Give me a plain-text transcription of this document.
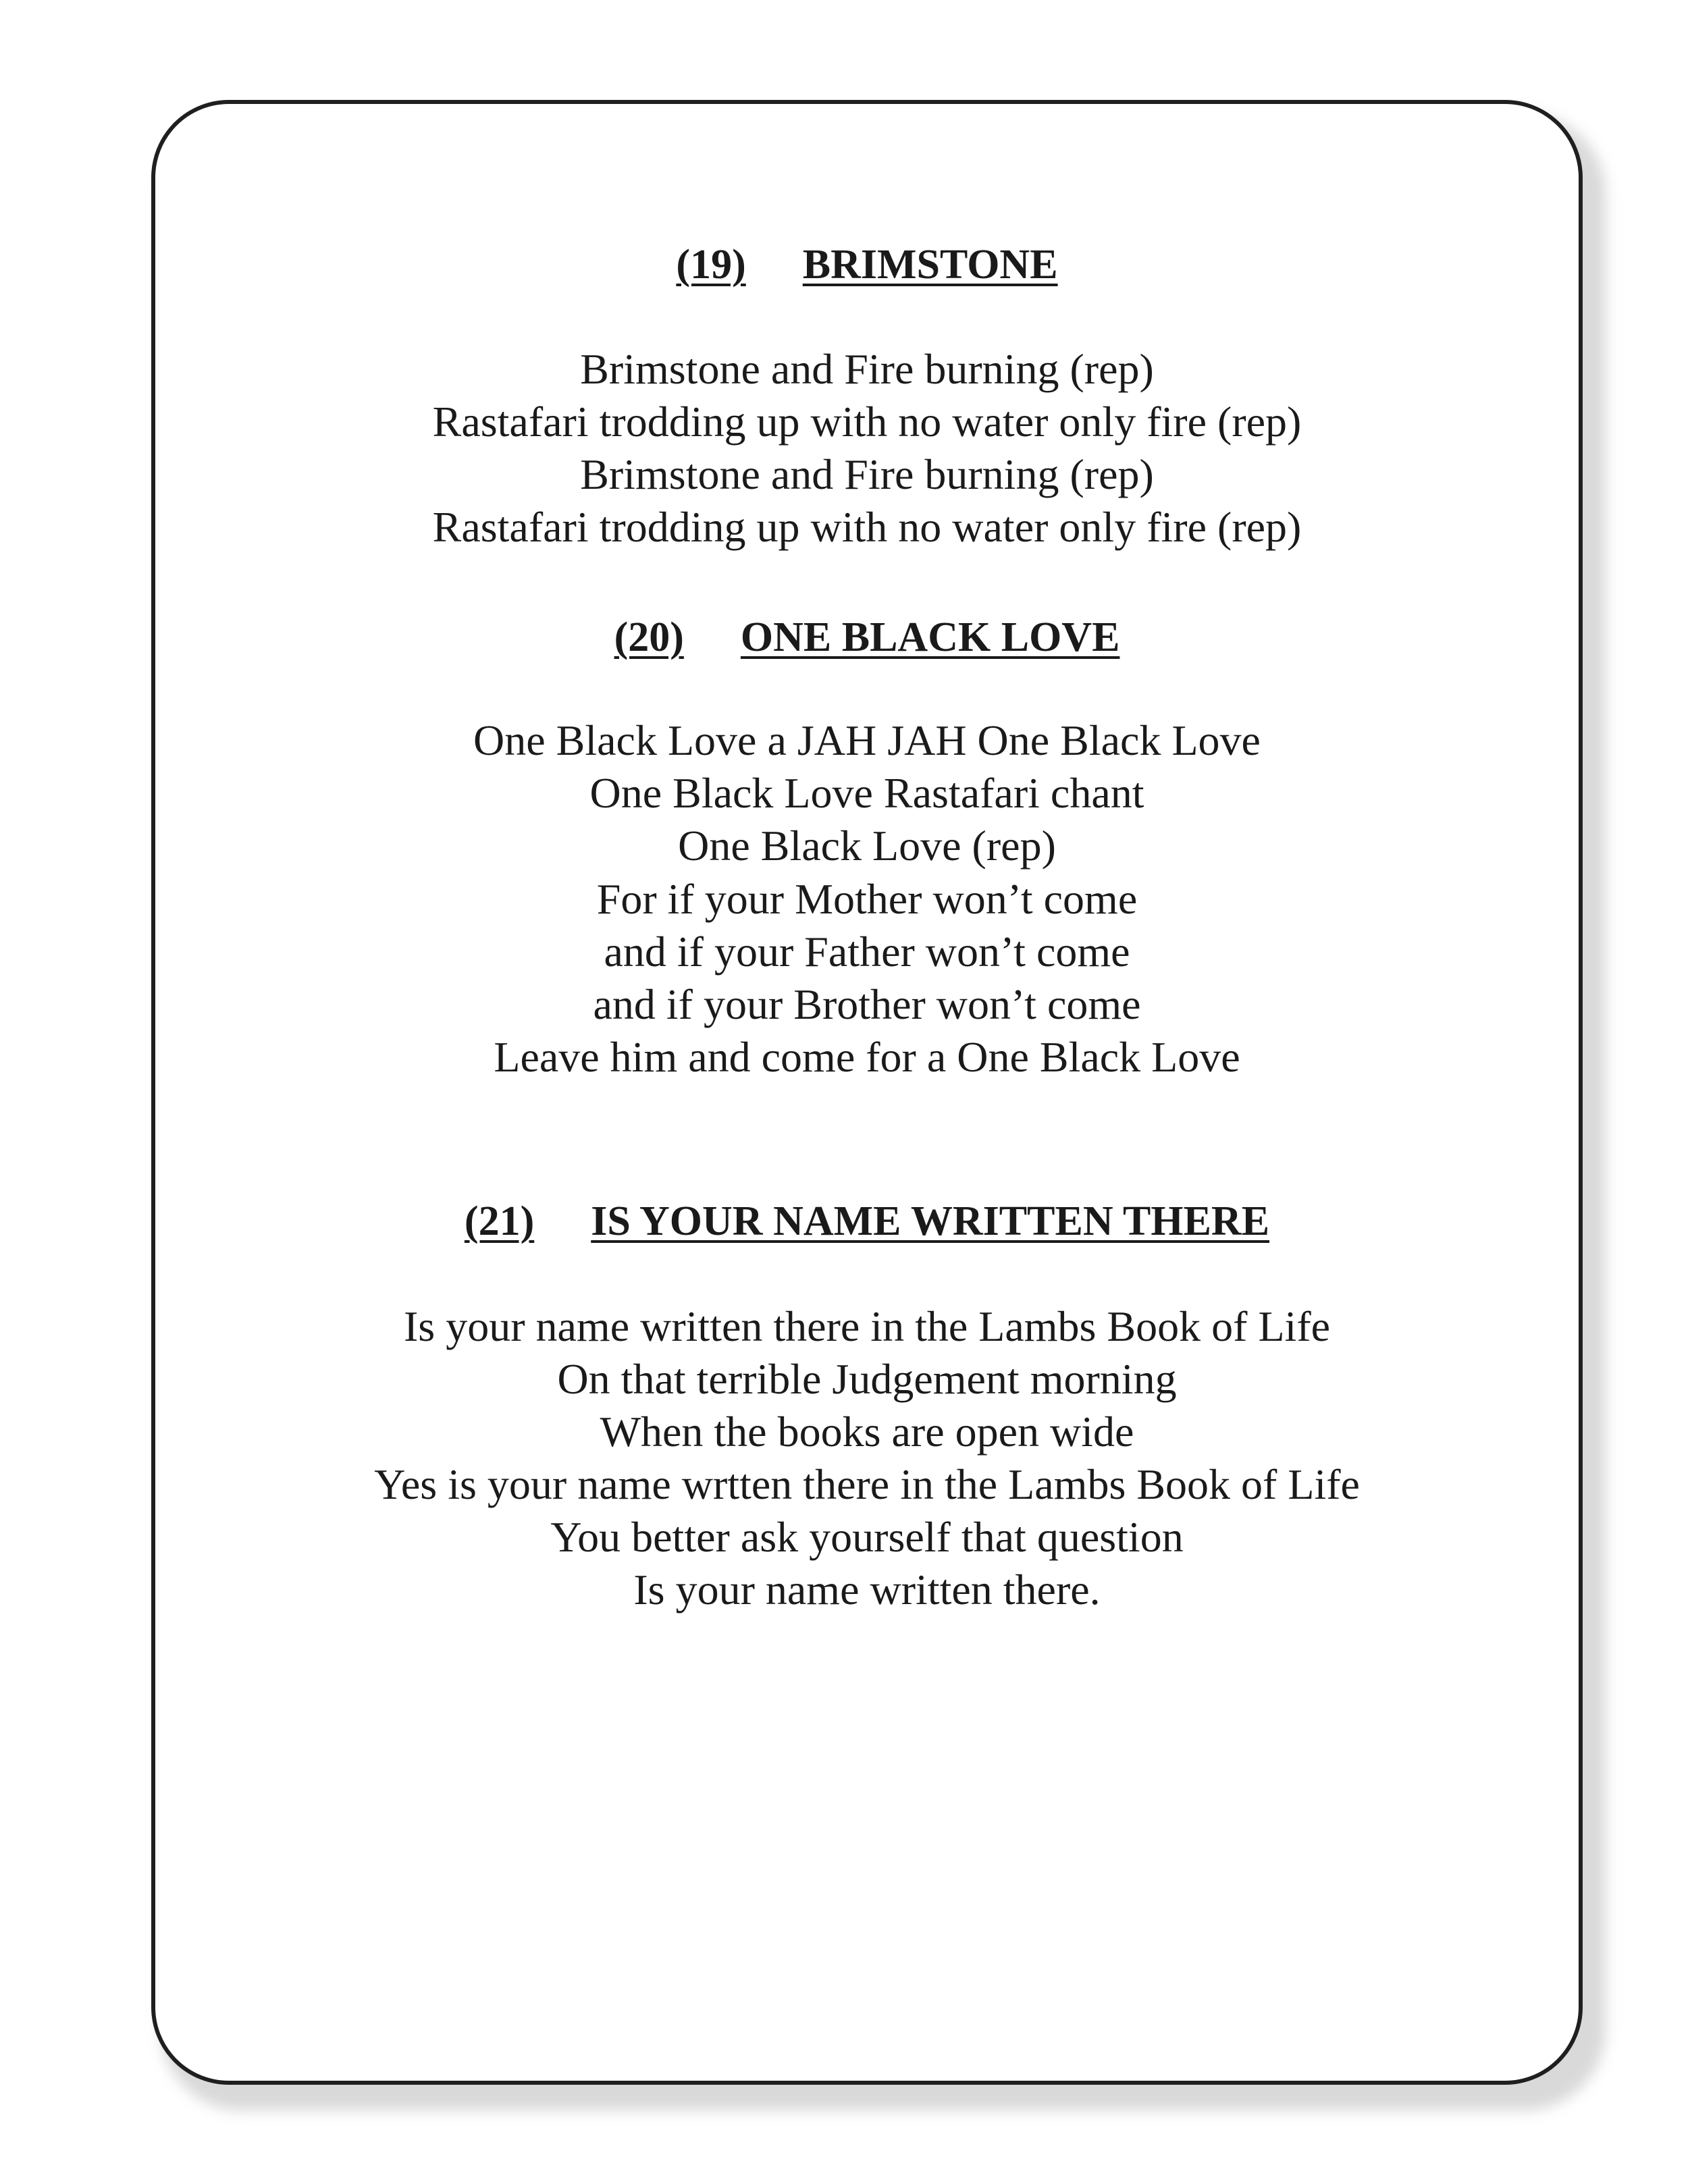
(19) BRIMSTONE

Brimstone and Fire burning (rep)

Rastafari trodding up with no water only fire (rep)

Brimstone and Fire burning (rep)

Rastafari trodding up with no water only fire (rep)

(20) ONE BLACK LOVE

One Black Love a JAH JAH One Black Love

One Black Love Rastafari chant

One Black Love (rep)

For if your Mother won’t come

and if your Father won’t come

and if your Brother won’t come

Leave him and come for a One Black Love

(21) IS YOUR NAME WRITTEN THERE

Is your name written there in the Lambs Book of Life

On that terrible Judgement morning

When the books are open wide

Yes is your name wrtten there in the Lambs Book of Life

You better ask yourself that question

Is your name written there.
